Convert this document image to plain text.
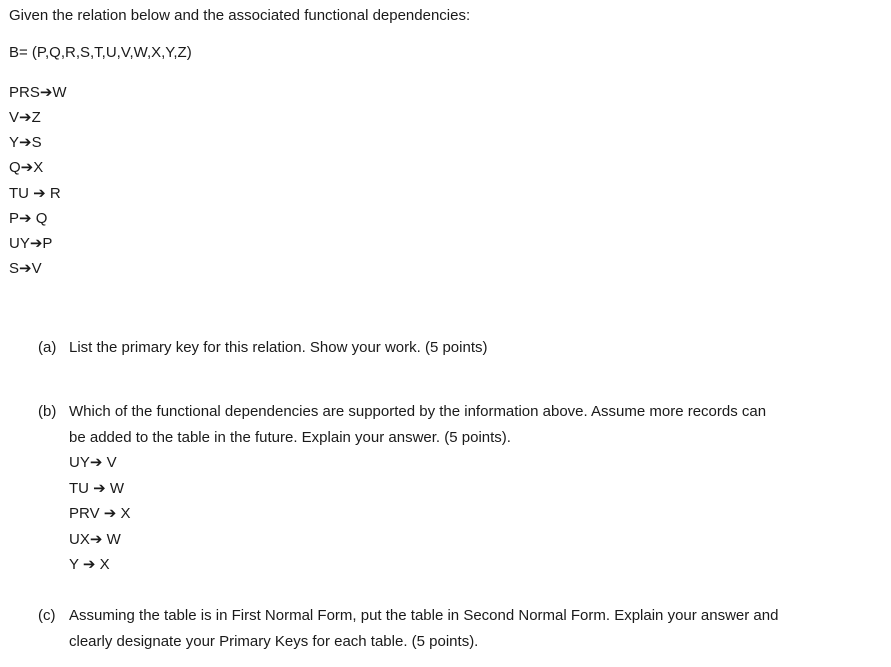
Given the relation below and the associated functional dependencies:
B= (P,Q,R,S,T,U,V,W,X,Y,Z)
PRS➔W
V➔Z
Y➔S
Q➔X
TU ➔ R
P➔ Q
UY➔P
S➔V
(a) List the primary key for this relation. Show your work. (5 points)
(b) Which of the functional dependencies are supported by the information above. Assume more records can
be added to the table in the future. Explain your answer. (5 points).
UY➔ V
TU ➔ W
PRV ➔ X
UX➔ W
Y ➔ X
(c) Assuming the table is in First Normal Form, put the table in Second Normal Form. Explain your answer and
clearly designate your Primary Keys for each table. (5 points).
